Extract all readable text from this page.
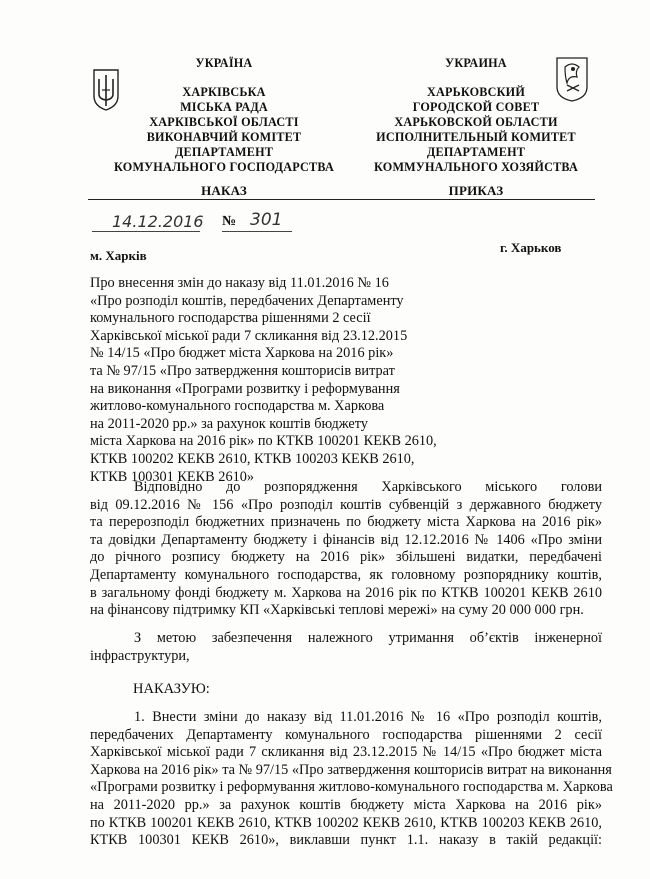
УКРАЇНА
ХАРКІВСЬКА
МІСЬКА РАДА
ХАРКІВСЬКОЇ ОБЛАСТІ
ВИКОНАВЧИЙ КОМІТЕТ
ДЕПАРТАМЕНТ
КОМУНАЛЬНОГО ГОСПОДАРСТВА
УКРАИНА
ХАРЬКОВСКИЙ
ГОРОДСКОЙ СОВЕТ
ХАРЬКОВСКОЙ ОБЛАСТИ
ИСПОЛНИТЕЛЬНЫЙ КОМИТЕТ
ДЕПАРТАМЕНТ
КОММУНАЛЬНОГО ХОЗЯЙСТВА
НАКАЗ	ПРИКАЗ
14.12.2016 № 301
м. Харків
г. Харьков
Про внесення змін до наказу від 11.01.2016 № 16
«Про розподіл коштів, передбачених Департаменту
комунального господарства рішеннями 2 сесії
Харківської міської ради 7 скликання від 23.12.2015
№ 14/15 «Про бюджет міста Харкова на 2016 рік»
та № 97/15 «Про затвердження кошторисів витрат
на виконання «Програми розвитку і реформування
житлово-комунального господарства м. Харкова
на 2011-2020 рр.» за рахунок коштів бюджету
міста Харкова на 2016 рік» по КТКВ 100201 КЕКВ 2610,
КТКВ 100202 КЕКВ 2610, КТКВ 100203 КЕКВ 2610,
КТКВ 100301 КЕКВ 2610»
Відповідно до розпорядження Харківського міського голови
від 09.12.2016 № 156 «Про розподіл коштів субвенцій з державного бюджету
та перерозподіл бюджетних призначень по бюджету міста Харкова на 2016 рік»
та довідки Департаменту бюджету і фінансів від 12.12.2016 № 1406 «Про зміни
до річного розпису бюджету на 2016 рік» збільшені видатки, передбачені
Департаменту комунального господарства, як головному розпоряднику коштів,
в загальному фонді бюджету м. Харкова на 2016 рік по КТКВ 100201 КЕКВ 2610
на фінансову підтримку КП «Харківські теплові мережі» на суму 20 000 000 грн.
З метою забезпечення належного утримання об’єктів інженерної
інфраструктури,
НАКАЗУЮ:
1. Внести зміни до наказу від 11.01.2016 № 16 «Про розподіл коштів,
передбачених Департаменту комунального господарства рішеннями 2 сесії
Харківської міської ради 7 скликання від 23.12.2015 № 14/15 «Про бюджет міста
Харкова на 2016 рік» та № 97/15 «Про затвердження кошторисів витрат на виконання
«Програми розвитку і реформування житлово-комунального господарства м. Харкова
на 2011-2020 рр.» за рахунок коштів бюджету міста Харкова на 2016 рік»
по КТКВ 100201 КЕКВ 2610, КТКВ 100202 КЕКВ 2610, КТКВ 100203 КЕКВ 2610,
КТКВ 100301 КЕКВ 2610», виклавши пункт 1.1. наказу в такій редакції:
